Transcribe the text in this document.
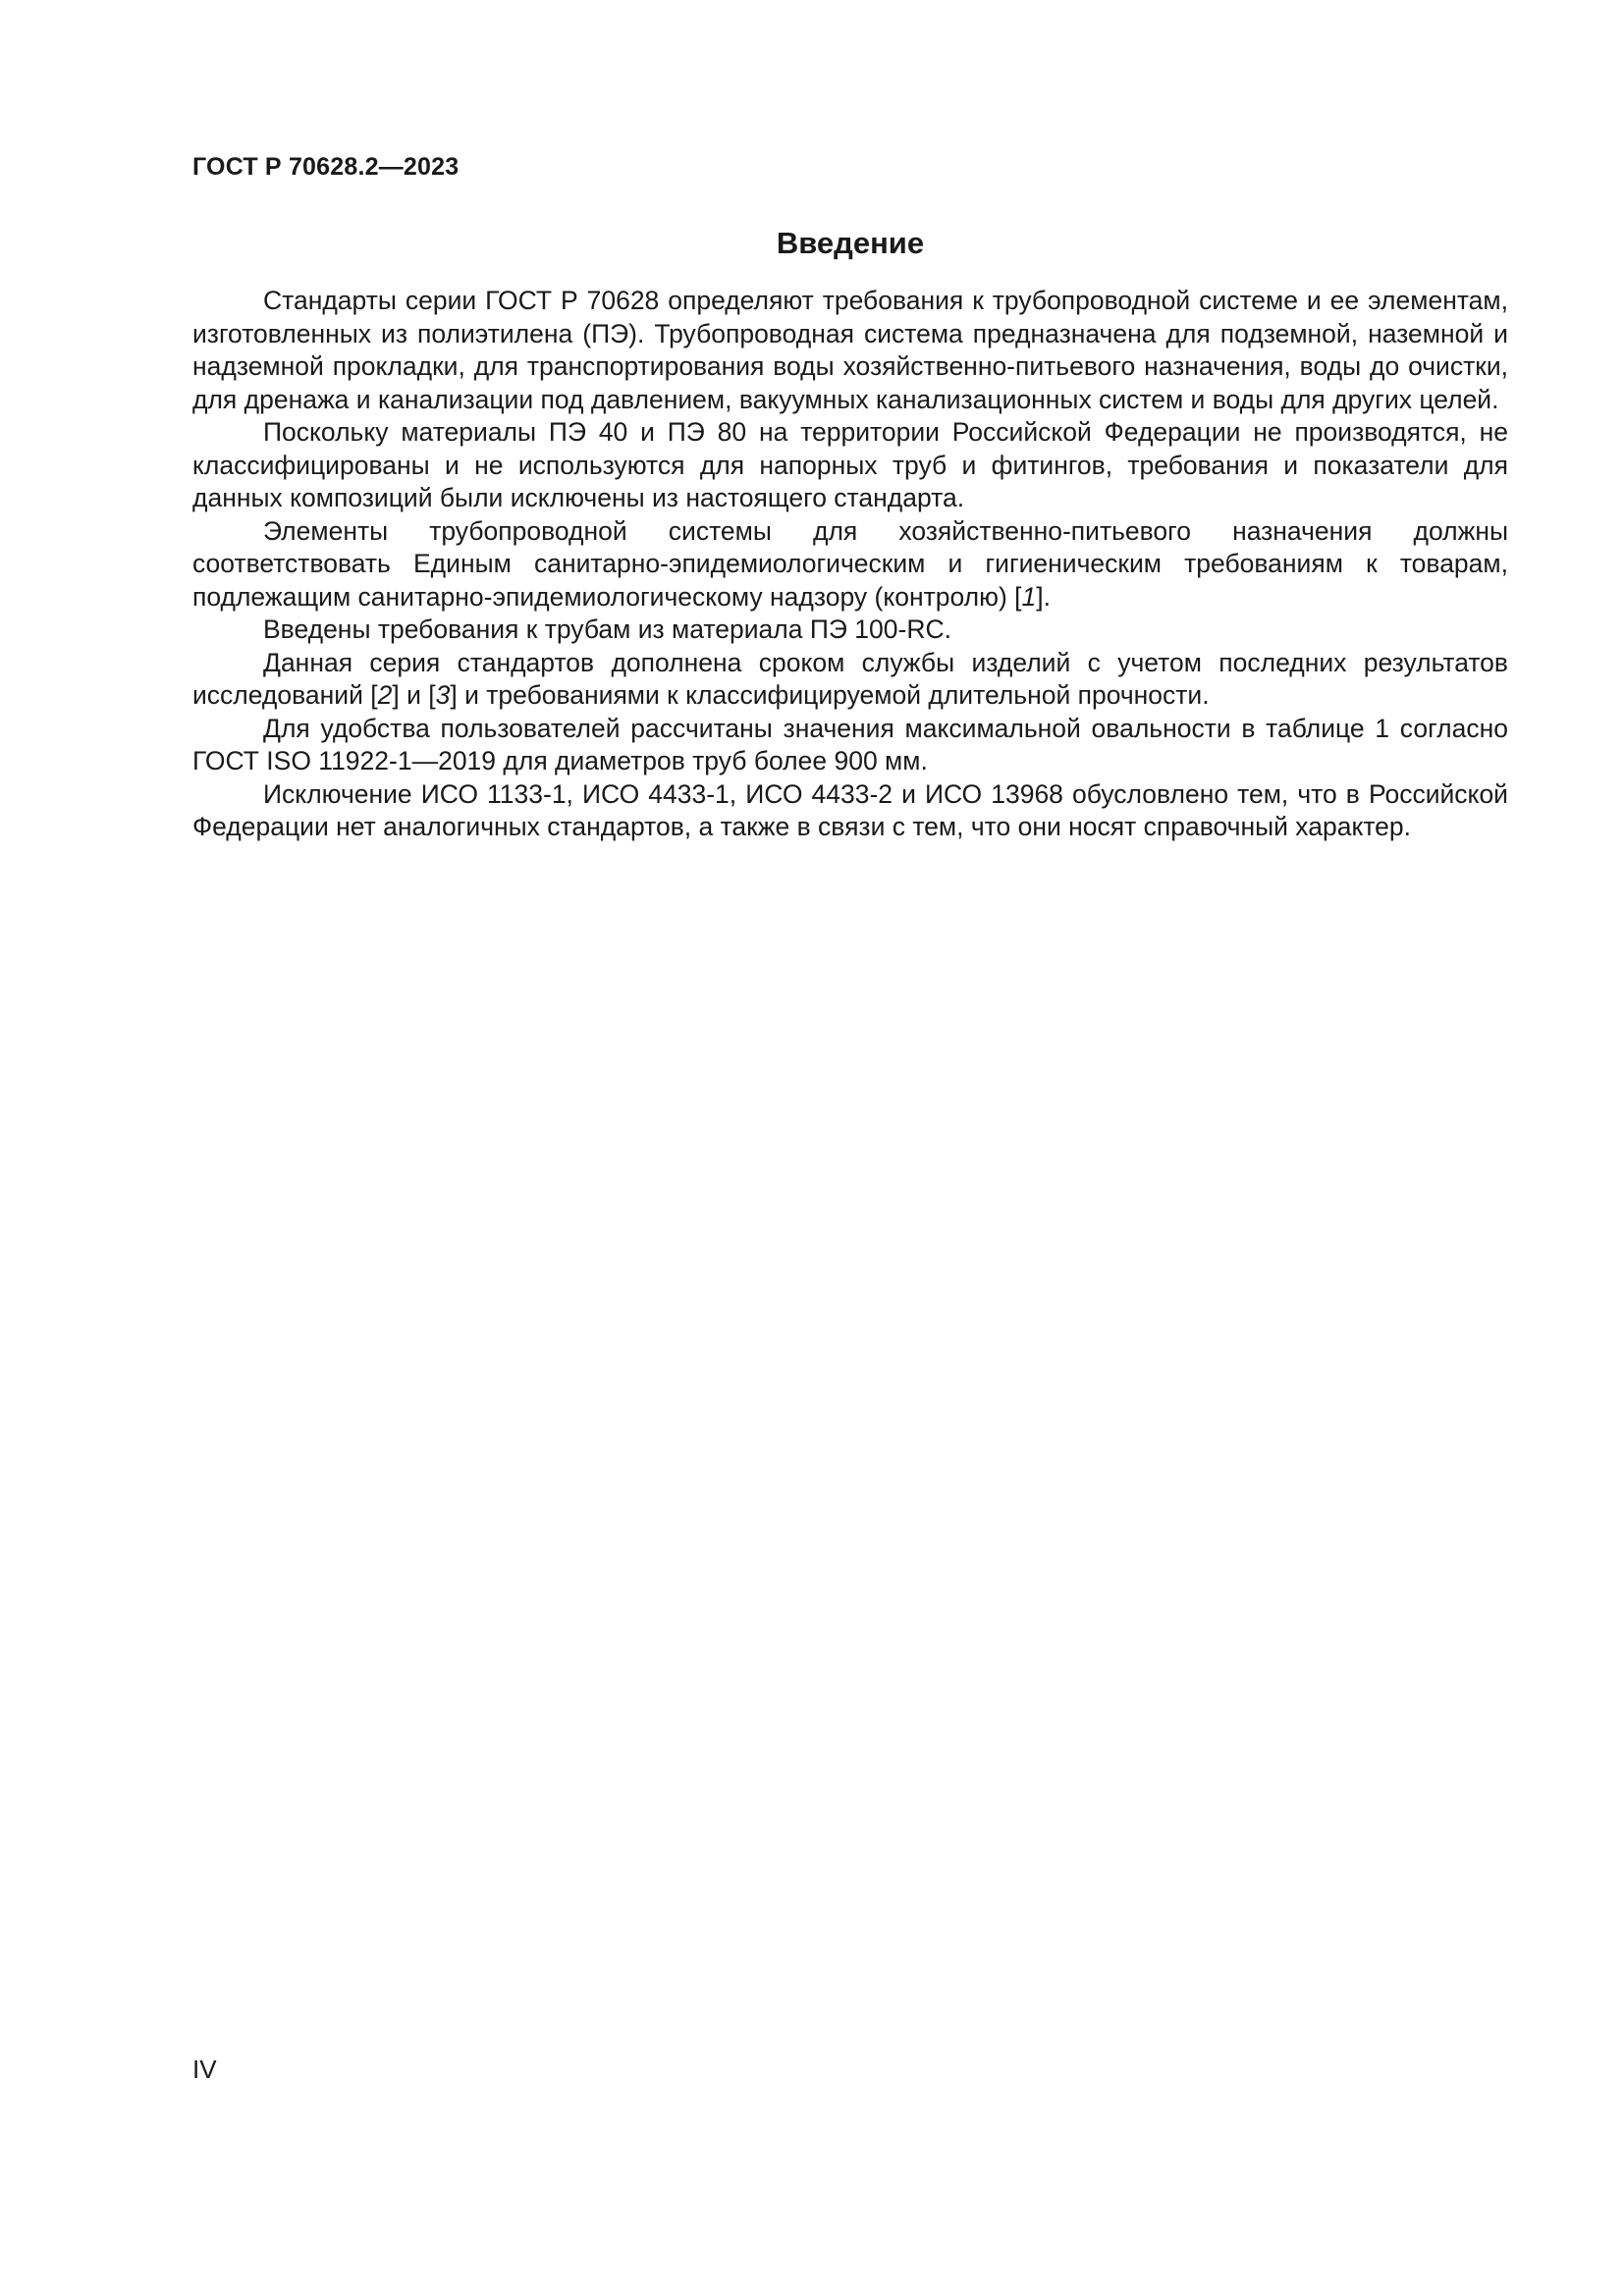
ГОСТ Р 70628.2—2023
Введение

Стандарты серии ГОСТ Р 70628 определяют требования к трубопроводной системе и ее элементам, изготовленных из полиэтилена (ПЭ). Трубопроводная система предназначена для подземной, наземной и надземной прокладки, для транспортирования воды хозяйственно-питьевого назначения, воды до очистки, для дренажа и канализации под давлением, вакуумных канализационных систем и воды для других целей.

Поскольку материалы ПЭ 40 и ПЭ 80 на территории Российской Федерации не производятся, не классифицированы и не используются для напорных труб и фитингов, требования и показатели для данных композиций были исключены из настоящего стандарта.

Элементы трубопроводной системы для хозяйственно-питьевого назначения должны соответствовать Единым санитарно-эпидемиологическим и гигиеническим требованиям к товарам, подлежащим санитарно-эпидемиологическому надзору (контролю) [1].

Введены требования к трубам из материала ПЭ 100-RC.

Данная серия стандартов дополнена сроком службы изделий с учетом последних результатов исследований [2] и [3] и требованиями к классифицируемой длительной прочности.

Для удобства пользователей рассчитаны значения максимальной овальности в таблице 1 согласно ГОСТ ISO 11922-1—2019 для диаметров труб более 900 мм.

Исключение ИСО 1133-1, ИСО 4433-1, ИСО 4433-2 и ИСО 13968 обусловлено тем, что в Российской Федерации нет аналогичных стандартов, а также в связи с тем, что они носят справочный характер.

IV
